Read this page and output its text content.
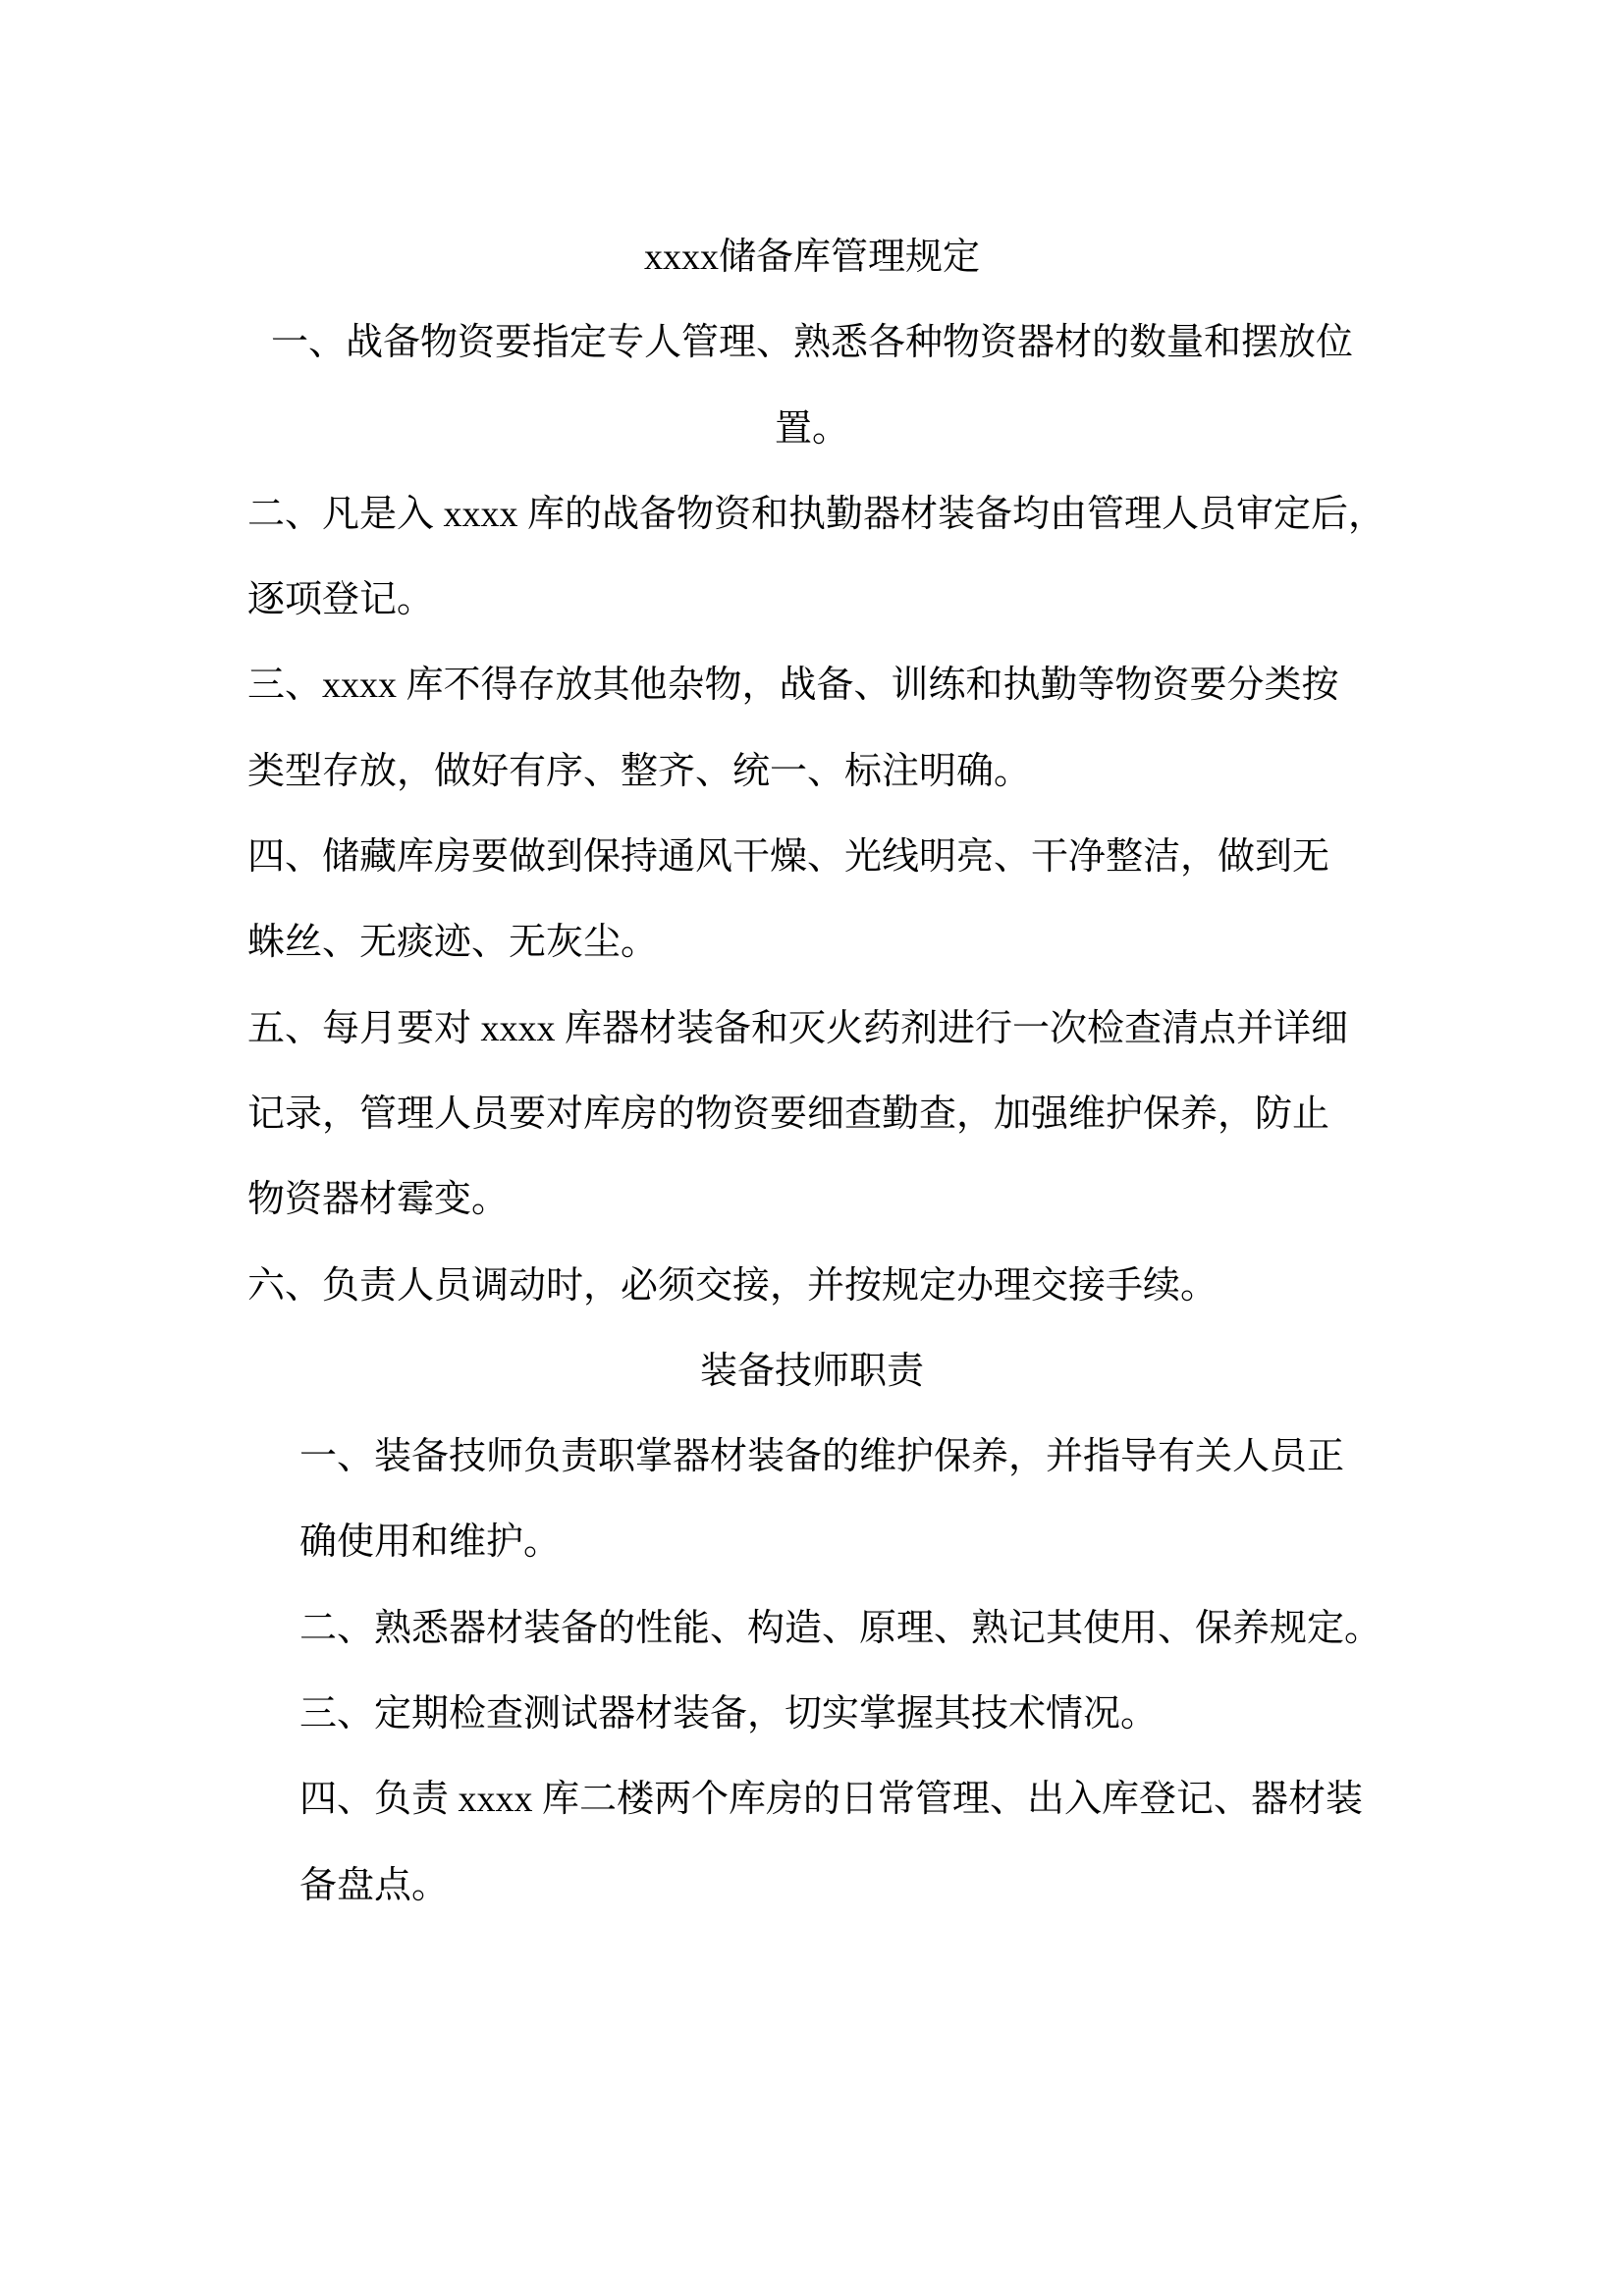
xxxx储备库管理规定
一、战备物资要指定专人管理、熟悉各种物资器材的数量和摆放位
置。
二、凡是入 xxxx 库的战备物资和执勤器材装备均由管理人员审定后，
逐项登记。
三、xxxx 库不得存放其他杂物，战备、训练和执勤等物资要分类按
类型存放，做好有序、整齐、统一、标注明确。
四、储藏库房要做到保持通风干燥、光线明亮、干净整洁，做到无
蛛丝、无痰迹、无灰尘。
五、每月要对 xxxx 库器材装备和灭火药剂进行一次检查清点并详细
记录，管理人员要对库房的物资要细查勤查，加强维护保养，防止
物资器材霉变。
六、负责人员调动时，必须交接，并按规定办理交接手续。
装备技师职责
一、装备技师负责职掌器材装备的维护保养，并指导有关人员正
确使用和维护。
二、熟悉器材装备的性能、构造、原理、熟记其使用、保养规定。
三、定期检查测试器材装备，切实掌握其技术情况。
四、负责 xxxx 库二楼两个库房的日常管理、出入库登记、器材装
备盘点。
